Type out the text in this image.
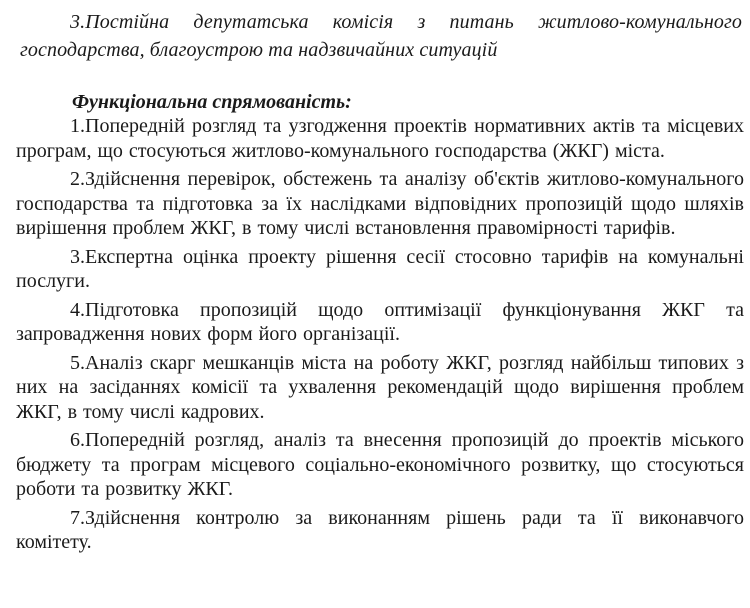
3.Постійна депутатська комісія з питань житлово-комунального господарства, благоустрою та надзвичайних ситуацій
Функціональна спрямованість:

1.Попередній розгляд та узгодження проектів нормативних актів та місцевих програм, що стосуються житлово-комунального господарства (ЖКГ) міста.

2.Здійснення перевірок, обстежень та аналізу об'єктів житлово-комунального господарства та підготовка за їх наслідками відповідних пропозицій щодо шляхів вирішення проблем ЖКГ, в тому числі встановлення правомірності тарифів.

3.Експертна оцінка проекту рішення сесії стосовно тарифів на комунальні послуги.

4.Підготовка пропозицій щодо оптимізації функціонування ЖКГ та запровадження нових форм його організації.

5.Аналіз скарг мешканців міста на роботу ЖКГ, розгляд найбільш типових з них на засіданнях комісії та ухвалення рекомендацій щодо вирішення проблем ЖКГ, в тому числі кадрових.

6.Попередній розгляд, аналіз та внесення пропозицій до проектів міського бюджету та програм місцевого соціально-економічного розвитку, що стосуються роботи та розвитку ЖКГ.

7.Здійснення контролю за виконанням рішень ради та її виконавчого комітету.
